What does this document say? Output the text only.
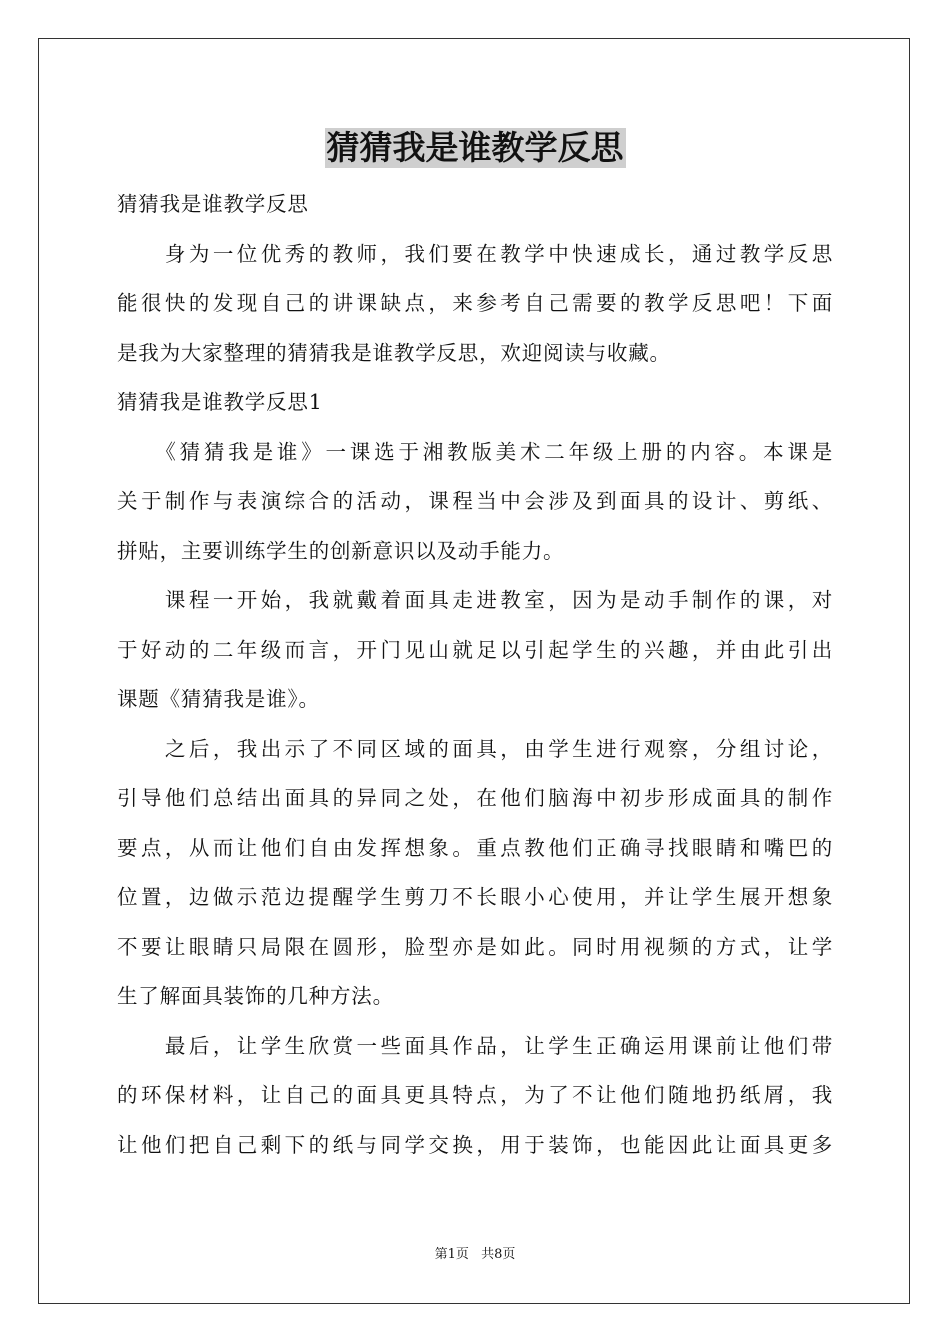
猜猜我是谁教学反思

猜猜我是谁教学反思

　　身为一位优秀的教师，我们要在教学中快速成长，通过教学反思

能很快的发现自己的讲课缺点，来参考自己需要的教学反思吧！下面

是我为大家整理的猜猜我是谁教学反思，欢迎阅读与收藏。

猜猜我是谁教学反思1

　　《猜猜我是谁》一课选于湘教版美术二年级上册的内容。本课是

关于制作与表演综合的活动，课程当中会涉及到面具的设计、剪纸、

拼贴，主要训练学生的创新意识以及动手能力。

　　课程一开始，我就戴着面具走进教室，因为是动手制作的课，对

于好动的二年级而言，开门见山就足以引起学生的兴趣，并由此引出

课题《猜猜我是谁》。

　　之后，我出示了不同区域的面具，由学生进行观察，分组讨论，

引导他们总结出面具的异同之处，在他们脑海中初步形成面具的制作

要点，从而让他们自由发挥想象。重点教他们正确寻找眼睛和嘴巴的

位置，边做示范边提醒学生剪刀不长眼小心使用，并让学生展开想象

不要让眼睛只局限在圆形，脸型亦是如此。同时用视频的方式，让学

生了解面具装饰的几种方法。

　　最后，让学生欣赏一些面具作品，让学生正确运用课前让他们带

的环保材料，让自己的面具更具特点，为了不让他们随地扔纸屑，我

让他们把自己剩下的纸与同学交换，用于装饰，也能因此让面具更多

第1页 共8页
